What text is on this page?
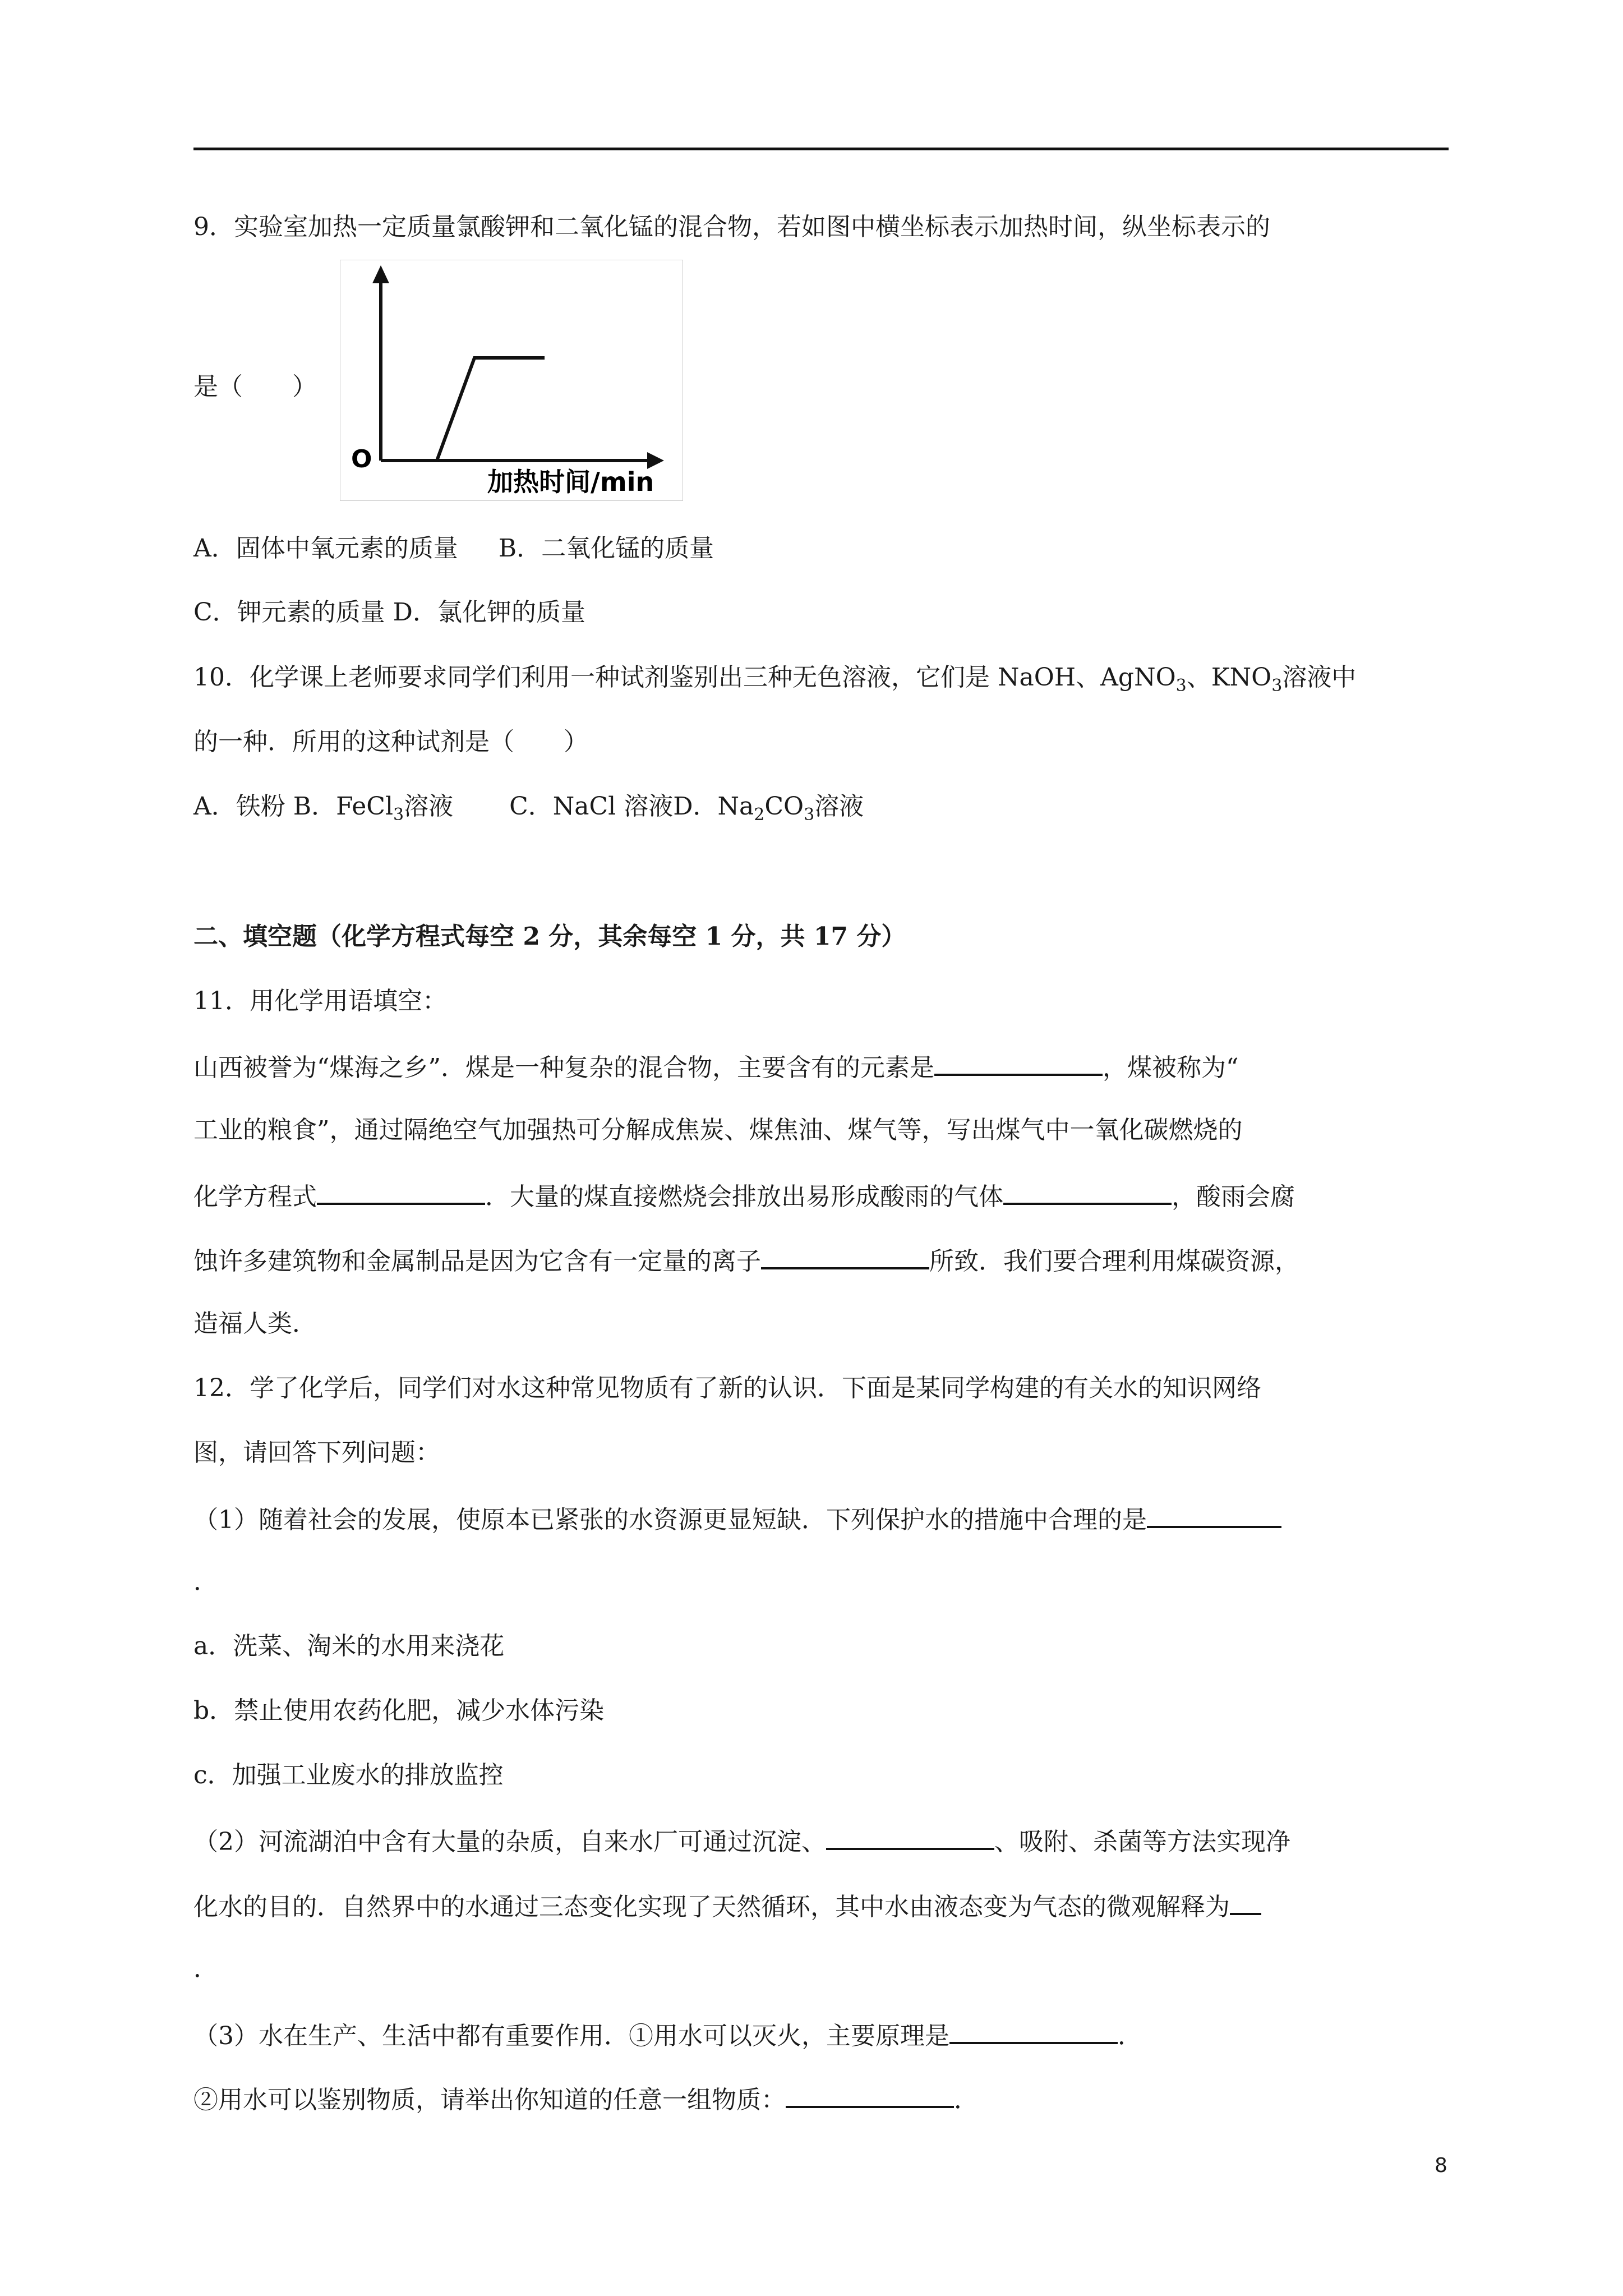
9．实验室加热一定质量氯酸钾和二氧化锰的混合物，若如图中横坐标表示加热时间，纵坐标表示的
是（　　）
O
加热时间/min
A．固体中氧元素的质量 B．二氧化锰的质量
C．钾元素的质量 D．氯化钾的质量
10．化学课上老师要求同学们利用一种试剂鉴别出三种无色溶液，它们是 NaOH、AgNO$_3$、$KNO_3$溶液中
的一种．所用的这种试剂是（　　）
A．铁粉 B．FeCl$_3$溶液 C．NaCl 溶液D．$Na_2CO_3$溶液
二、填空题（化学方程式每空 2 分，其余每空 1 分，共 17 分）
11．用化学用语填空：
山西被誉为“煤海之乡”．煤是一种复杂的混合物，主要含有的元素是	，煤被称为“
工业的粮食”，通过隔绝空气加强热可分解成焦炭、煤焦油、煤气等，写出煤气中一氧化碳燃烧的
化学方程式	．大量的煤直接燃烧会排放出易形成酸雨的气体	，酸雨会腐
蚀许多建筑物和金属制品是因为它含有一定量的离子	所致．我们要合理利用煤碳资源，
造福人类．
12．学了化学后，同学们对水这种常见物质有了新的认识．下面是某同学构建的有关水的知识网络
图，请回答下列问题：
（1）随着社会的发展，使原本已紧张的水资源更显短缺．下列保护水的措施中合理的是
．
a．洗菜、淘米的水用来浇花
b．禁止使用农药化肥，减少水体污染
c．加强工业废水的排放监控
（2）河流湖泊中含有大量的杂质，自来水厂可通过沉淀、	、吸附、杀菌等方法实现净
化水的目的．自然界中的水通过三态变化实现了天然循环，其中水由液态变为气态的微观解释为
．
（3）水在生产、生活中都有重要作用．①用水可以灭火，主要原理是	．
②用水可以鉴别物质，请举出你知道的任意一组物质：	．
8
